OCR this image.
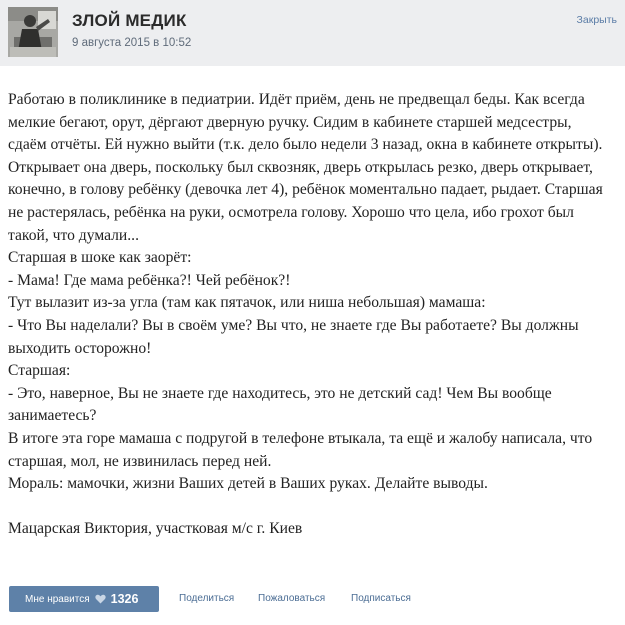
ЗЛОЙ МЕДИК
9 августа 2015 в 10:52
Закрыть

Работаю в поликлинике в педиатрии. Идёт приём, день не предвещал беды. Как всегда мелкие бегают, орут, дёргают дверную ручку. Сидим в кабинете старшей медсестры, сдаём отчёты. Ей нужно выйти (т.к. дело было недели 3 назад, окна в кабинете открыты). Открывает она дверь, поскольку был сквозняк, дверь открылась резко, дверь открывает, конечно, в голову ребёнку (девочка лет 4), ребёнок моментально падает, рыдает. Старшая не растерялась, ребёнка на руки, осмотрела голову. Хорошо что цела, ибо грохот был такой, что думали...

Старшая в шоке как заорёт:

- Мама! Где мама ребёнка?! Чей ребёнок?!

Тут вылазит из-за угла (там как пятачок, или ниша небольшая) мамаша:

- Что Вы наделали? Вы в своём уме? Вы что, не знаете где Вы работаете? Вы должны выходить осторожно!

Старшая:

- Это, наверное, Вы не знаете где находитесь, это не детский сад! Чем Вы вообще занимаетесь?

В итоге эта горе мамаша с подругой в телефоне втыкала, та ещё и жалобу написала, что старшая, мол, не извинилась перед ней.

Мораль: мамочки, жизни Ваших детей в Ваших руках. Делайте выводы.

Мацарская Виктория, участковая м/с г. Киев

Мне нравится 1326	Поделиться Пожаловаться	Подписаться
